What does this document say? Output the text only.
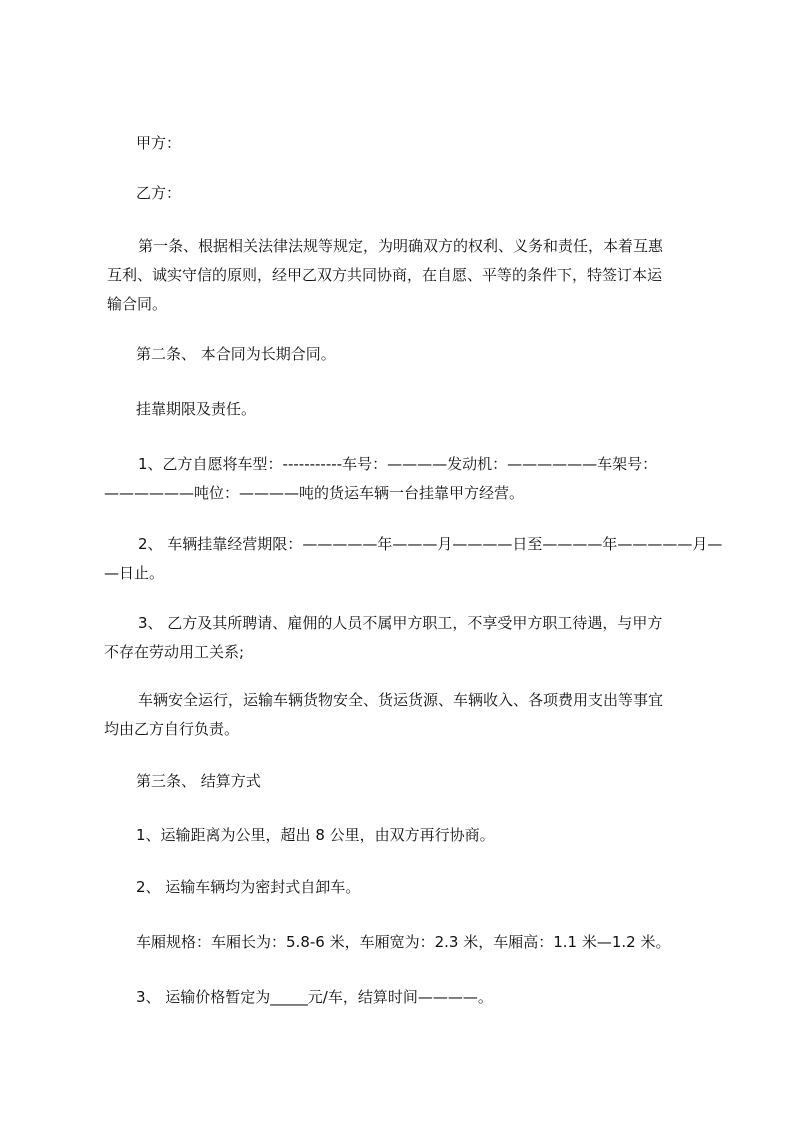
甲方：

乙方：

第一条、根据相关法律法规等规定，为明确双方的权利、义务和责任，本着互惠
互利、诚实守信的原则，经甲乙双方共同协商，在自愿、平等的条件下，特签订本运
输合同。

第二条、 本合同为长期合同。

挂靠期限及责任。

1、乙方自愿将车型：-----------车号：————发动机：——————车架号：
——————吨位：————吨的货运车辆一台挂靠甲方经营。

2、 车辆挂靠经营期限：—————年———月————日至————年—————月—
—日止。

3、 乙方及其所聘请、雇佣的人员不属甲方职工，不享受甲方职工待遇，与甲方
不存在劳动用工关系;

车辆安全运行，运输车辆货物安全、货运货源、车辆收入、各项费用支出等事宜
均由乙方自行负责。

第三条、 结算方式

1、运输距离为公里，超出 8 公里，由双方再行协商。

2、 运输车辆均为密封式自卸车。

车厢规格：车厢长为：5.8-6 米，车厢宽为：2.3 米，车厢高：1.1 米—1.2 米。

3、 运输价格暂定为_____元/车，结算时间————。
